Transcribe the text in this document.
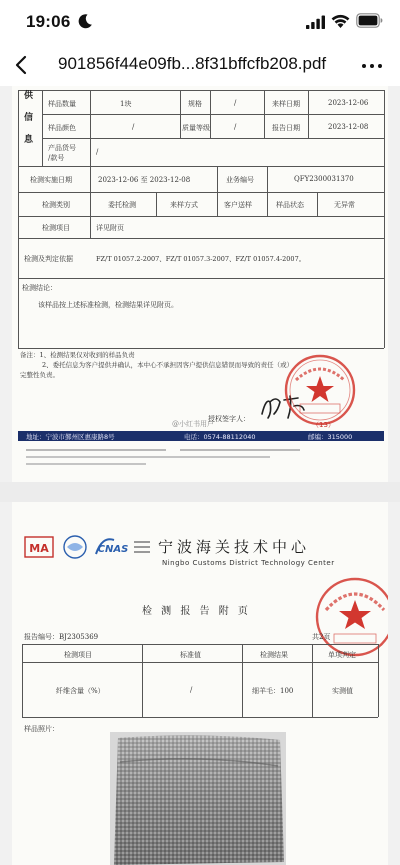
19:06
901856f44e09fb...8f31bffcfb208.pdf
供
信
息
样品数量	1块	规格	/	来样日期	2023-12-06
样品颜色	/	质量等级	/	报告日期	2023-12-08
产品货号
/款号
/
检测实施日期	2023-12-06 至 2023-12-08	业务编号	QFY2300031370
检测类别	委托检测	来样方式	客户送样	样品状态	无异常
检测项目	详见附页
检测及判定依据	FZ/T 01057.2-2007、FZ/T 01057.3-2007、FZ/T 01057.4-2007。
检测结论：
该样品按上述标准检测，检测结果详见附页。
备注：1、检测结果仅对收到的样品负责
2、委托信息为客户提供并确认，本中心不承担因客户提供信息错误而导致的责任（或）
完整性负责。
授权签字人：
（13）
地址：宁波市鄞州区惠康路8号	电话：0574-88112040	邮编：315000
@小红书用户
MA	CNAS 宁波海关技术中心
Ningbo Customs District Technology Center
检 测 报 告 附 页
报告编号：BJ2305369	共2页
检测项目	标准值	检测结果	单项判定
纤维含量（%）	/	细羊毛：100	实测值
样品照片：
